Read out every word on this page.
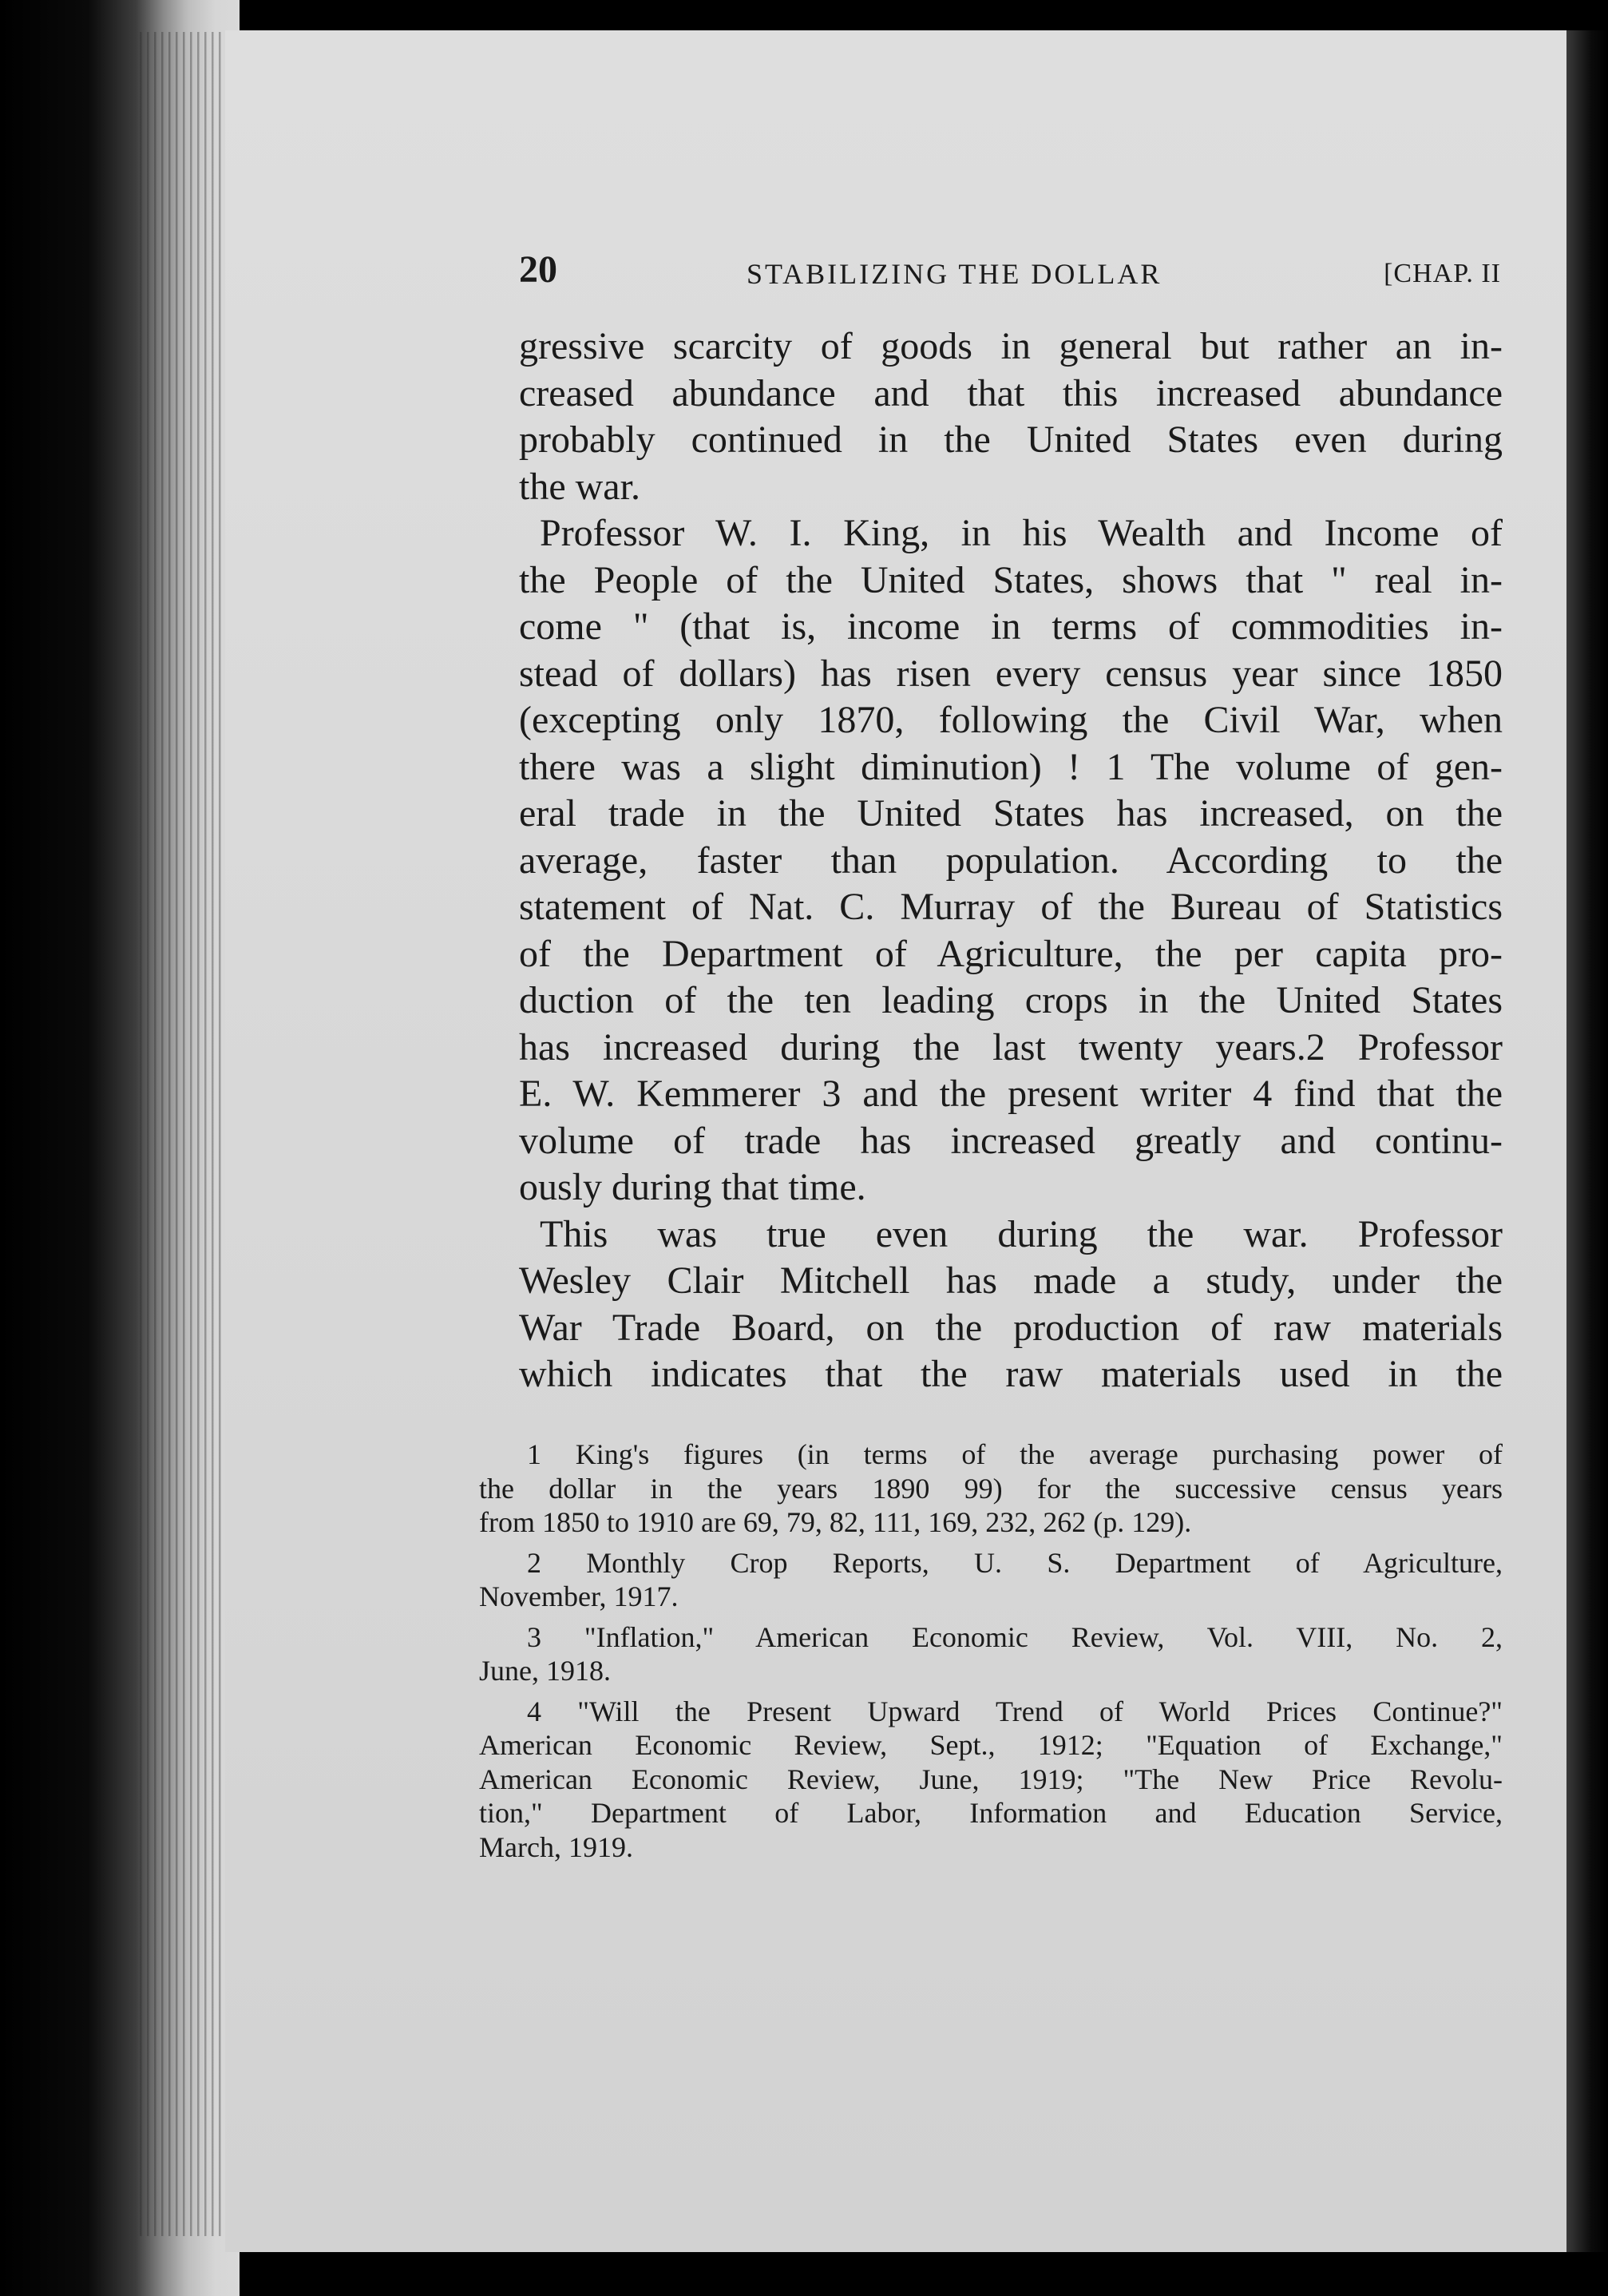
20	STABILIZING THE DOLLAR	[CHAP. II
gressive scarcity of goods in general but rather an in-
creased abundance and that this increased abundance
probably continued in the United States even during
the war.
Professor W. I. King, in his Wealth and Income of
the People of the United States, shows that " real in-
come " (that is, income in terms of commodities in-
stead of dollars) has risen every census year since 1850
(excepting only 1870, following the Civil War, when
there was a slight diminution) ! 1 The volume of gen-
eral trade in the United States has increased, on the
average, faster than population. According to the
statement of Nat. C. Murray of the Bureau of Statistics
of the Department of Agriculture, the per capita pro-
duction of the ten leading crops in the United States
has increased during the last twenty years.2 Professor
E. W. Kemmerer 3 and the present writer 4 find that the
volume of trade has increased greatly and continu-
ously during that time.
This was true even during the war. Professor
Wesley Clair Mitchell has made a study, under the
War Trade Board, on the production of raw materials
which indicates that the raw materials used in the
1 King's figures (in terms of the average purchasing power of
the dollar in the years 1890 99) for the successive census years
from 1850 to 1910 are 69, 79, 82, 111, 169, 232, 262 (p. 129).
2 Monthly Crop Reports, U. S. Department of Agriculture,
November, 1917.
3 "Inflation," American Economic Review, Vol. VIII, No. 2,
June, 1918.
4 "Will the Present Upward Trend of World Prices Continue?"
American Economic Review, Sept., 1912; "Equation of Exchange,"
American Economic Review, June, 1919; "The New Price Revolu-
tion," Department of Labor, Information and Education Service,
March, 1919.
